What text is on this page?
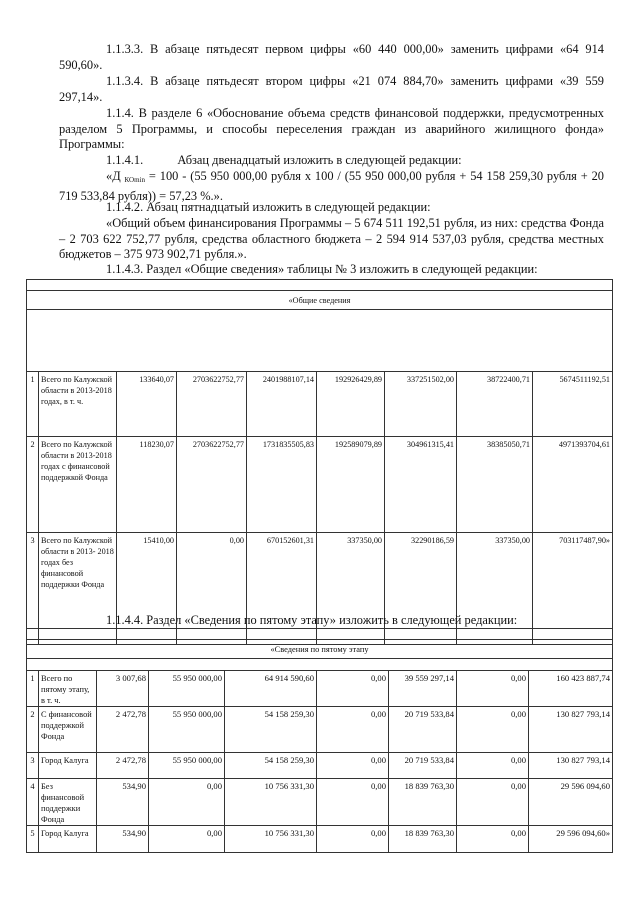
1.1.3.3. В абзаце пятьдесят первом цифры «60 440 000,00» заменить цифрами «64 914 590,60».
1.1.3.4. В абзаце пятьдесят втором цифры «21 074 884,70» заменить цифрами «39 559 297,14».
1.1.4. В разделе 6 «Обоснование объема средств финансовой поддержки, предусмотренных разделом 5 Программы, и способы переселения граждан из аварийного жилищного фонда» Программы:
1.1.4.1.	Абзац двенадцатый изложить в следующей редакции:
«Д $_{КОmin}$ = 100 - (55 950 000,00 рубля х 100 / (55 950 000,00 рубля + 54 158 259,30 рубля + 20 719 533,84 рубля)) = 57,23 %.».
1.1.4.2. Абзац пятнадцатый изложить в следующей редакции:
«Общий объем финансирования Программы – 5 674 511 192,51 рубля, из них: средства Фонда – 2 703 622 752,77 рубля, средства областного бюджета – 2 594 914 537,03 рубля, средства местных бюджетов – 375 973 902,71 рубля.».
1.1.4.3. Раздел «Общие сведения» таблицы № 3 изложить в следующей редакции:

«Общие сведения								

1	Всего по Калужской области в 2013-2018 годах, в т. ч.	133640,07	2703622752,77	2401988107,14	192926429,89	337251502,00	38722400,71	5674511192,51
2	Всего по Калужской области в 2013-2018 годах с финансовой поддержкой Фонда	118230,07	2703622752,77	1731835505,83	192589079,89	304961315,41	38385050,71	4971393704,61
3	Всего по Калужской области в 2013- 2018 годах без финансовой поддержки Фонда	15410,00	0,00	670152601,31	337350,00	32290186,59	337350,00	703117487,90»
1.1.4.4. Раздел «Сведения по пятому этапу» изложить в следующей редакции:

«Сведения по пятому этапу								

1	Всего по пятому этапу, в т. ч.	3 007,68	55 950 000,00	64 914 590,60	0,00	39 559 297,14	0,00	160 423 887,74
2	С финансовой поддержкой Фонда	2 472,78	55 950 000,00	54 158 259,30	0,00	20 719 533,84	0,00	130 827 793,14
3	Город Калуга	2 472,78	55 950 000,00	54 158 259,30	0,00	20 719 533,84	0,00	130 827 793,14
4	Без финансовой поддержки Фонда	534,90	0,00	10 756 331,30	0,00	18 839 763,30	0,00	29 596 094,60
5	Город Калуга	534,90	0,00	10 756 331,30	0,00	18 839 763,30	0,00	29 596 094,60»
